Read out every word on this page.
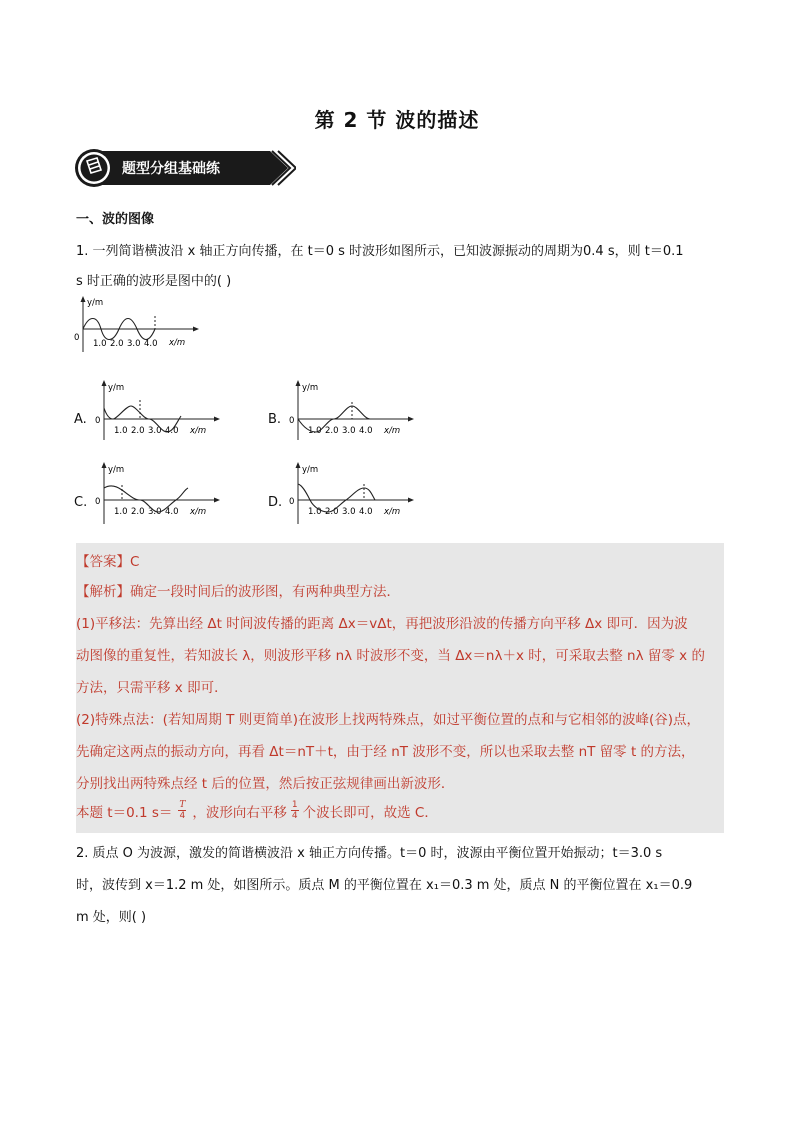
第 2 节 波的描述
题型分组基础练
一、波的图像
1. 一列简谐横波沿 x 轴正方向传播，在 t＝0 s 时波形如图所示，已知波源振动的周期为0.4 s，则 t＝0.1
s 时正确的波形是图中的( )
y/m
x/m
0
1.0 2.0 3.0 4.0
A.
y/m
x/m
0
1.0 2.0 3.0 4.0
B.
y/m
x/m
0
1.0 2.0 3.0 4.0
C.
y/m
x/m
0
1.0 2.0 3.0 4.0
D.
y/m
x/m
0
1.0 2.0 3.0 4.0
【答案】C
【解析】确定一段时间后的波形图，有两种典型方法．
(1)平移法：先算出经 Δt 时间波传播的距离 Δx＝vΔt，再把波形沿波的传播方向平移 Δx 即可．因为波
动图像的重复性，若知波长 λ，则波形平移 nλ 时波形不变，当 Δx＝nλ＋x 时，可采取去整 nλ 留零 x 的
方法，只需平移 x 即可．
(2)特殊点法：(若知周期 T 则更简单)在波形上找两特殊点，如过平衡位置的点和与它相邻的波峰(谷)点，
先确定这两点的振动方向，再看 Δt＝nT＋t，由于经 nT 波形不变，所以也采取去整 nT 留零 t 的方法，
分别找出两特殊点经 t 后的位置，然后按正弦规律画出新波形．
本题 t＝0.1 s＝ T
4 ，波形向右平移 1
4 个波长即可，故选 C．
2. 质点 O 为波源，激发的简谐横波沿 x 轴正方向传播。t＝0 时，波源由平衡位置开始振动；t＝3.0 s
时，波传到 x＝1.2 m 处，如图所示。质点 M 的平衡位置在 x₁＝0.3 m 处，质点 N 的平衡位置在 x₁＝0.9
m 处，则( )
